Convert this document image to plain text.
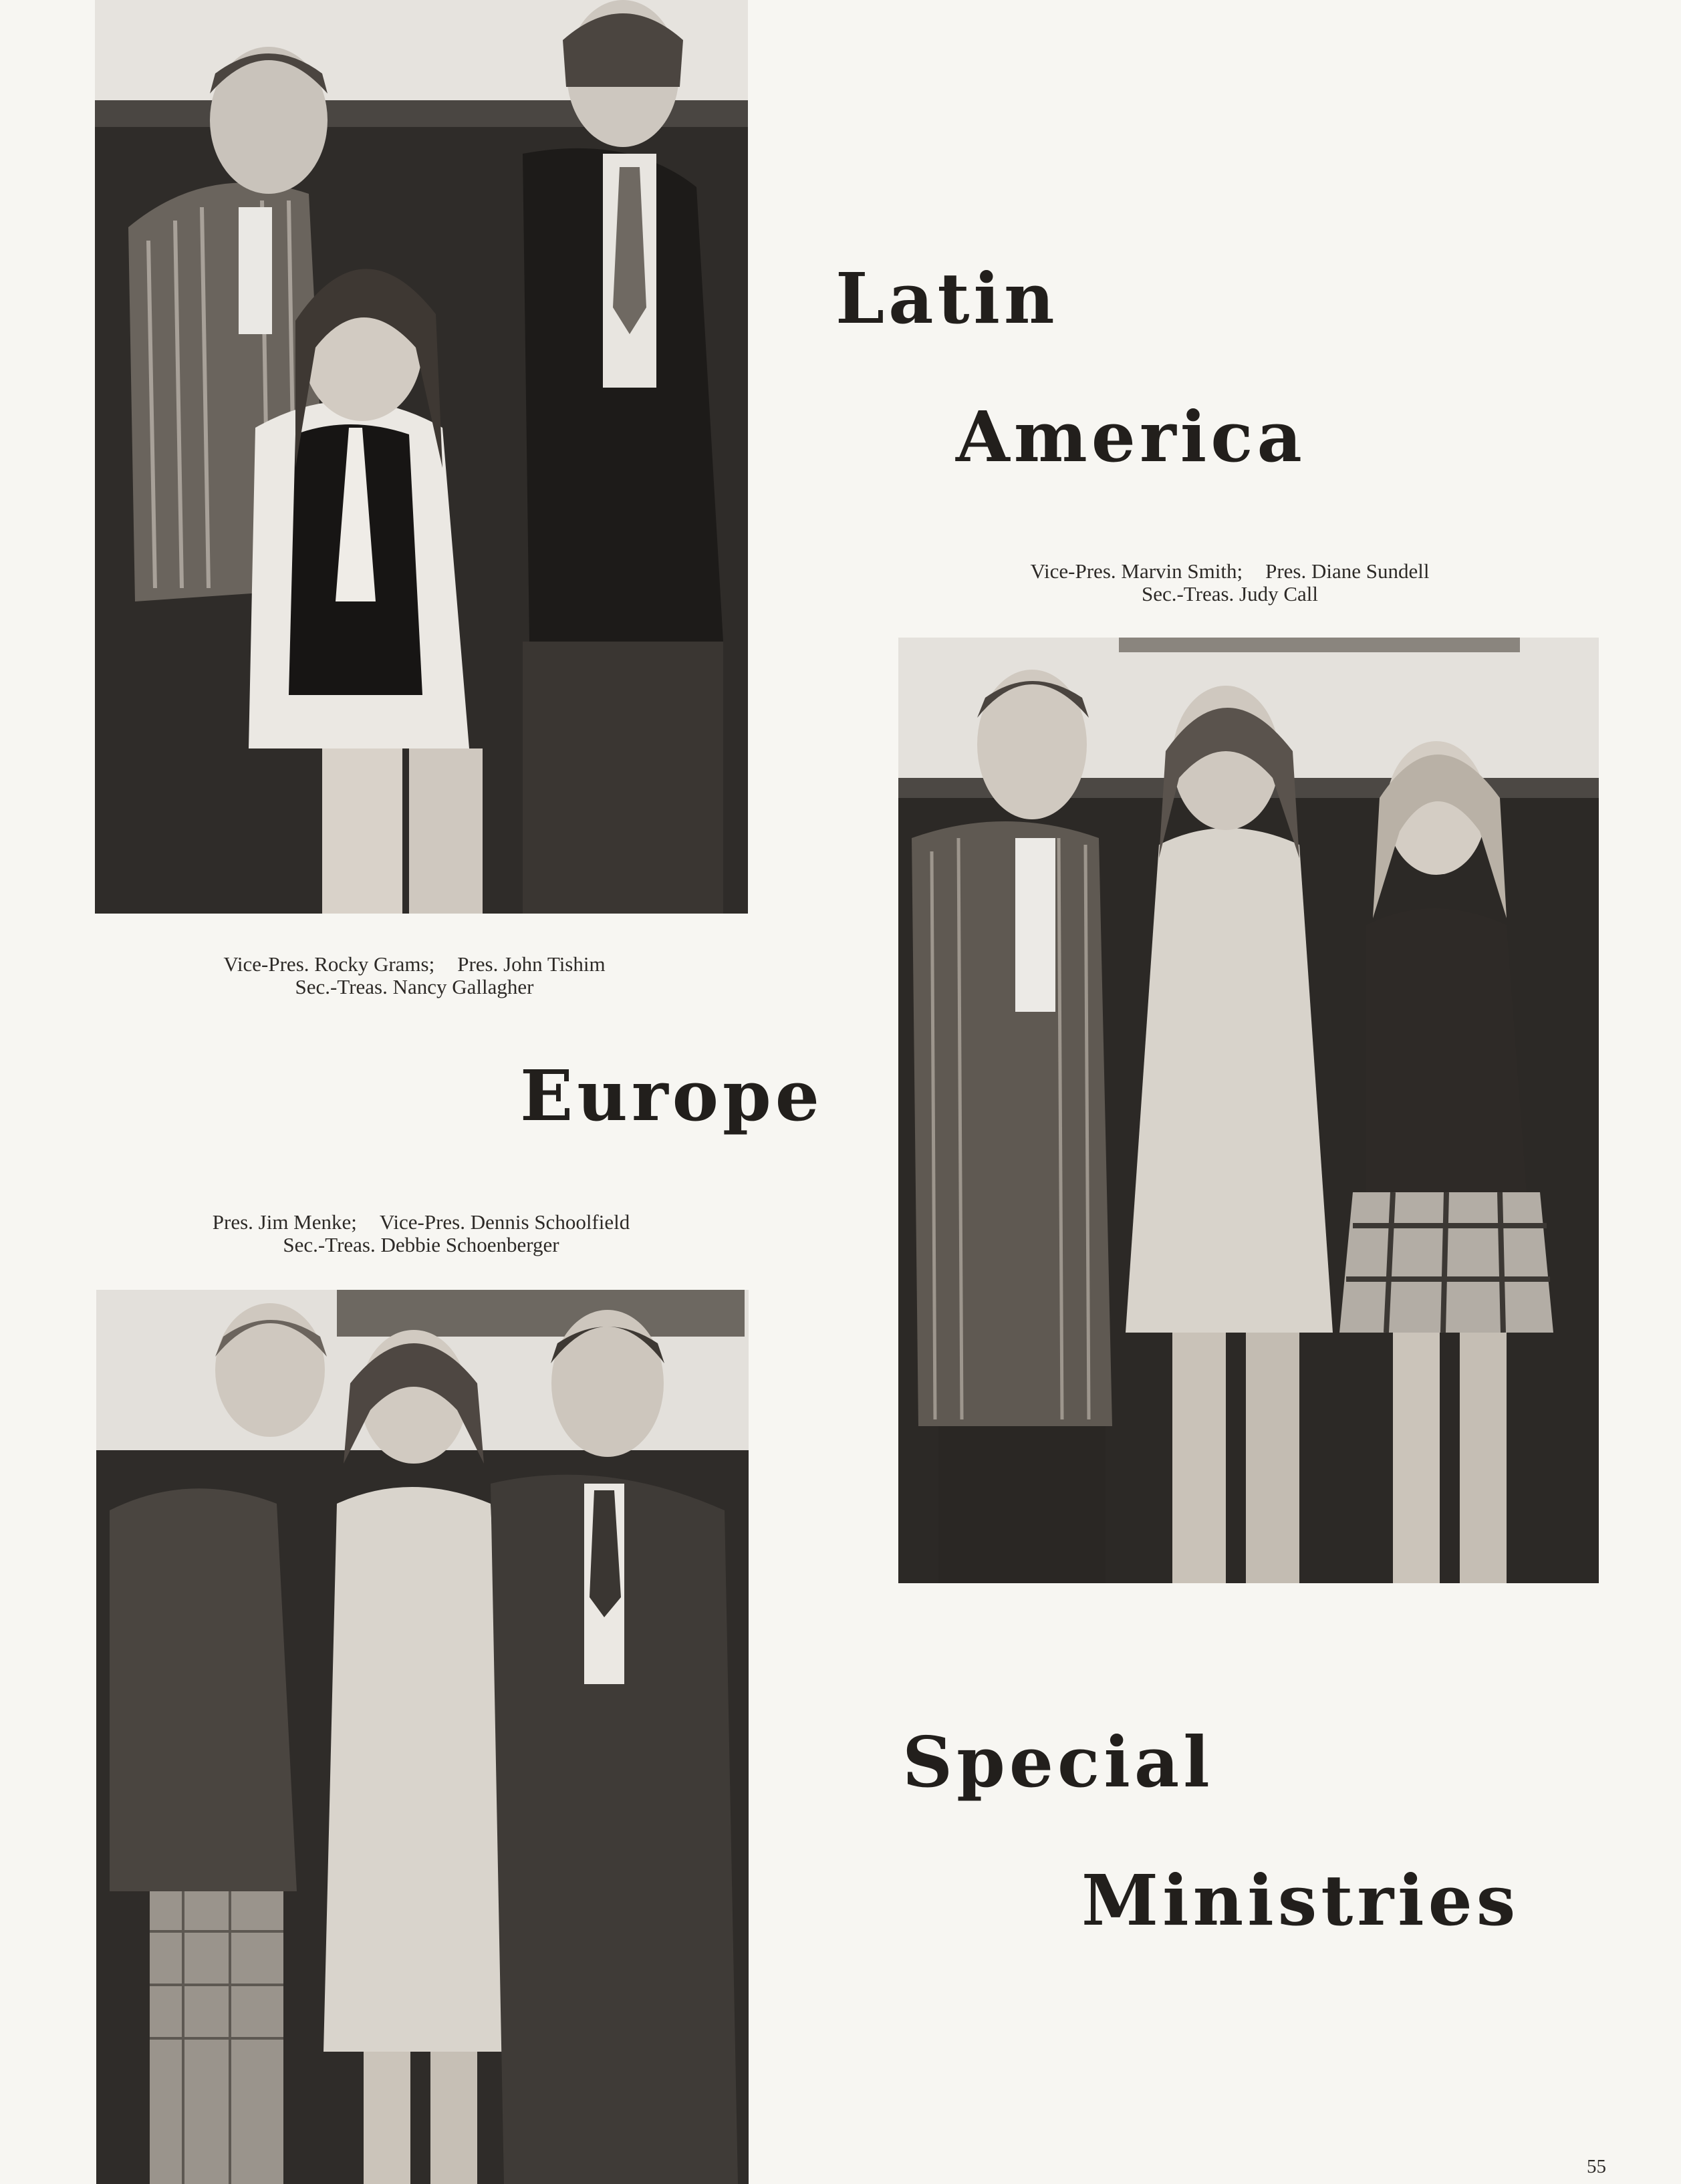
Vice-Pres. Rocky Grams; Pres. John Tishim
Sec.-Treas. Nancy Gallagher
Latin
America
Vice-Pres. Marvin Smith; Pres. Diane Sundell
Sec.-Treas. Judy Call
Europe
Pres. Jim Menke; Vice-Pres. Dennis Schoolfield
Sec.-Treas. Debbie Schoenberger
Special
Ministries
55
